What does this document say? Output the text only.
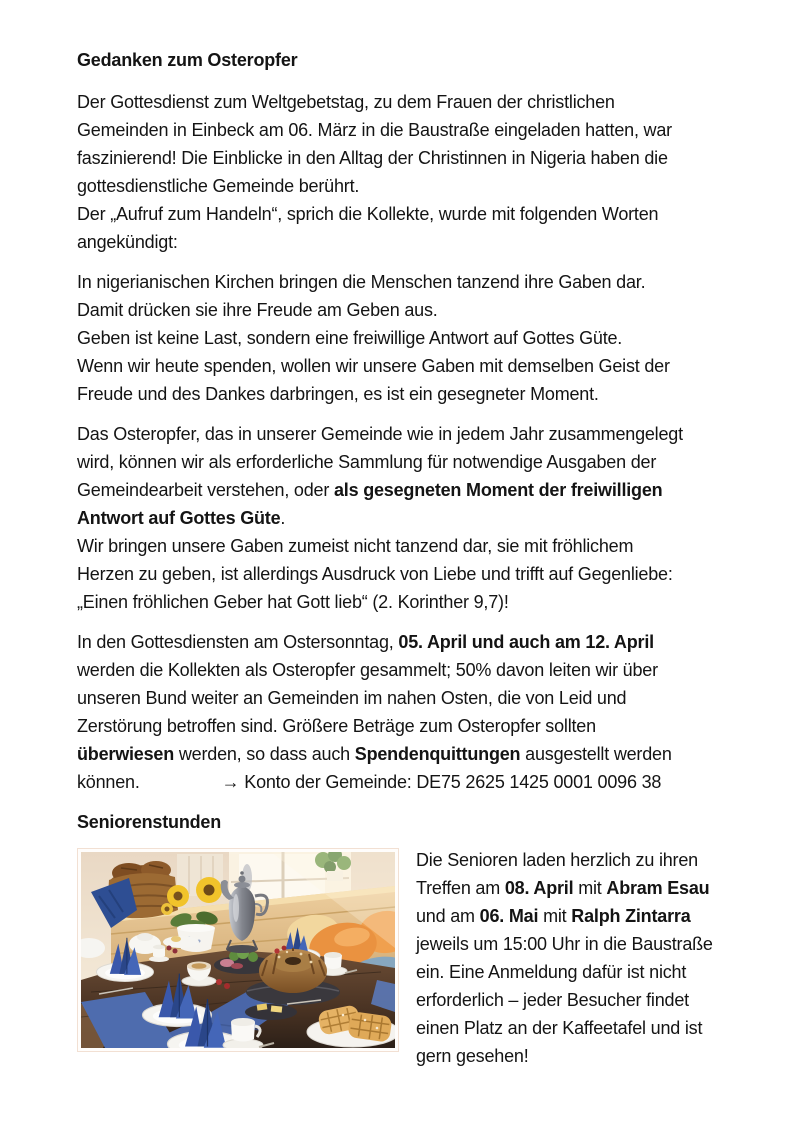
Gedanken zum Osteropfer

Der Gottesdienst zum Weltgebetstag, zu dem Frauen der christlichen
Gemeinden in Einbeck am 06. März in die Baustraße eingeladen hatten, war
faszinierend! Die Einblicke in den Alltag der Christinnen in Nigeria haben die
gottesdienstliche Gemeinde berührt.
Der „Aufruf zum Handeln“, sprich die Kollekte, wurde mit folgenden Worten
angekündigt:

In nigerianischen Kirchen bringen die Menschen tanzend ihre Gaben dar.
Damit drücken sie ihre Freude am Geben aus.
Geben ist keine Last, sondern eine freiwillige Antwort auf Gottes Güte.
Wenn wir heute spenden, wollen wir unsere Gaben mit demselben Geist der
Freude und des Dankes darbringen, es ist ein gesegneter Moment.

Das Osteropfer, das in unserer Gemeinde wie in jedem Jahr zusammengelegt
wird, können wir als erforderliche Sammlung für notwendige Ausgaben der
Gemeindearbeit verstehen, oder als gesegneten Moment der freiwilligen
Antwort auf Gottes Güte.
Wir bringen unsere Gaben zumeist nicht tanzend dar, sie mit fröhlichem
Herzen zu geben, ist allerdings Ausdruck von Liebe und trifft auf Gegenliebe:
„Einen fröhlichen Geber hat Gott lieb“ (2. Korinther 9,7)!

In den Gottesdiensten am Ostersonntag, 05. April und auch am 12. April
werden die Kollekten als Osteropfer gesammelt; 50% davon leiten wir über
unseren Bund weiter an Gemeinden im nahen Osten, die von Leid und
Zerstörung betroffen sind. Größere Beträge zum Osteropfer sollten
überwiesen werden, so dass auch Spendenquittungen ausgestellt werden
können.	→ Konto der Gemeinde: DE75 2625 1425 0001 0096 38

Seniorenstunden

Die Senioren laden herzlich zu ihren
Treffen am 08. April mit Abram Esau
und am 06. Mai mit Ralph Zintarra
jeweils um 15:00 Uhr in die Baustraße
ein. Eine Anmeldung dafür ist nicht
erforderlich – jeder Besucher findet
einen Platz an der Kaffeetafel und ist
gern gesehen!
